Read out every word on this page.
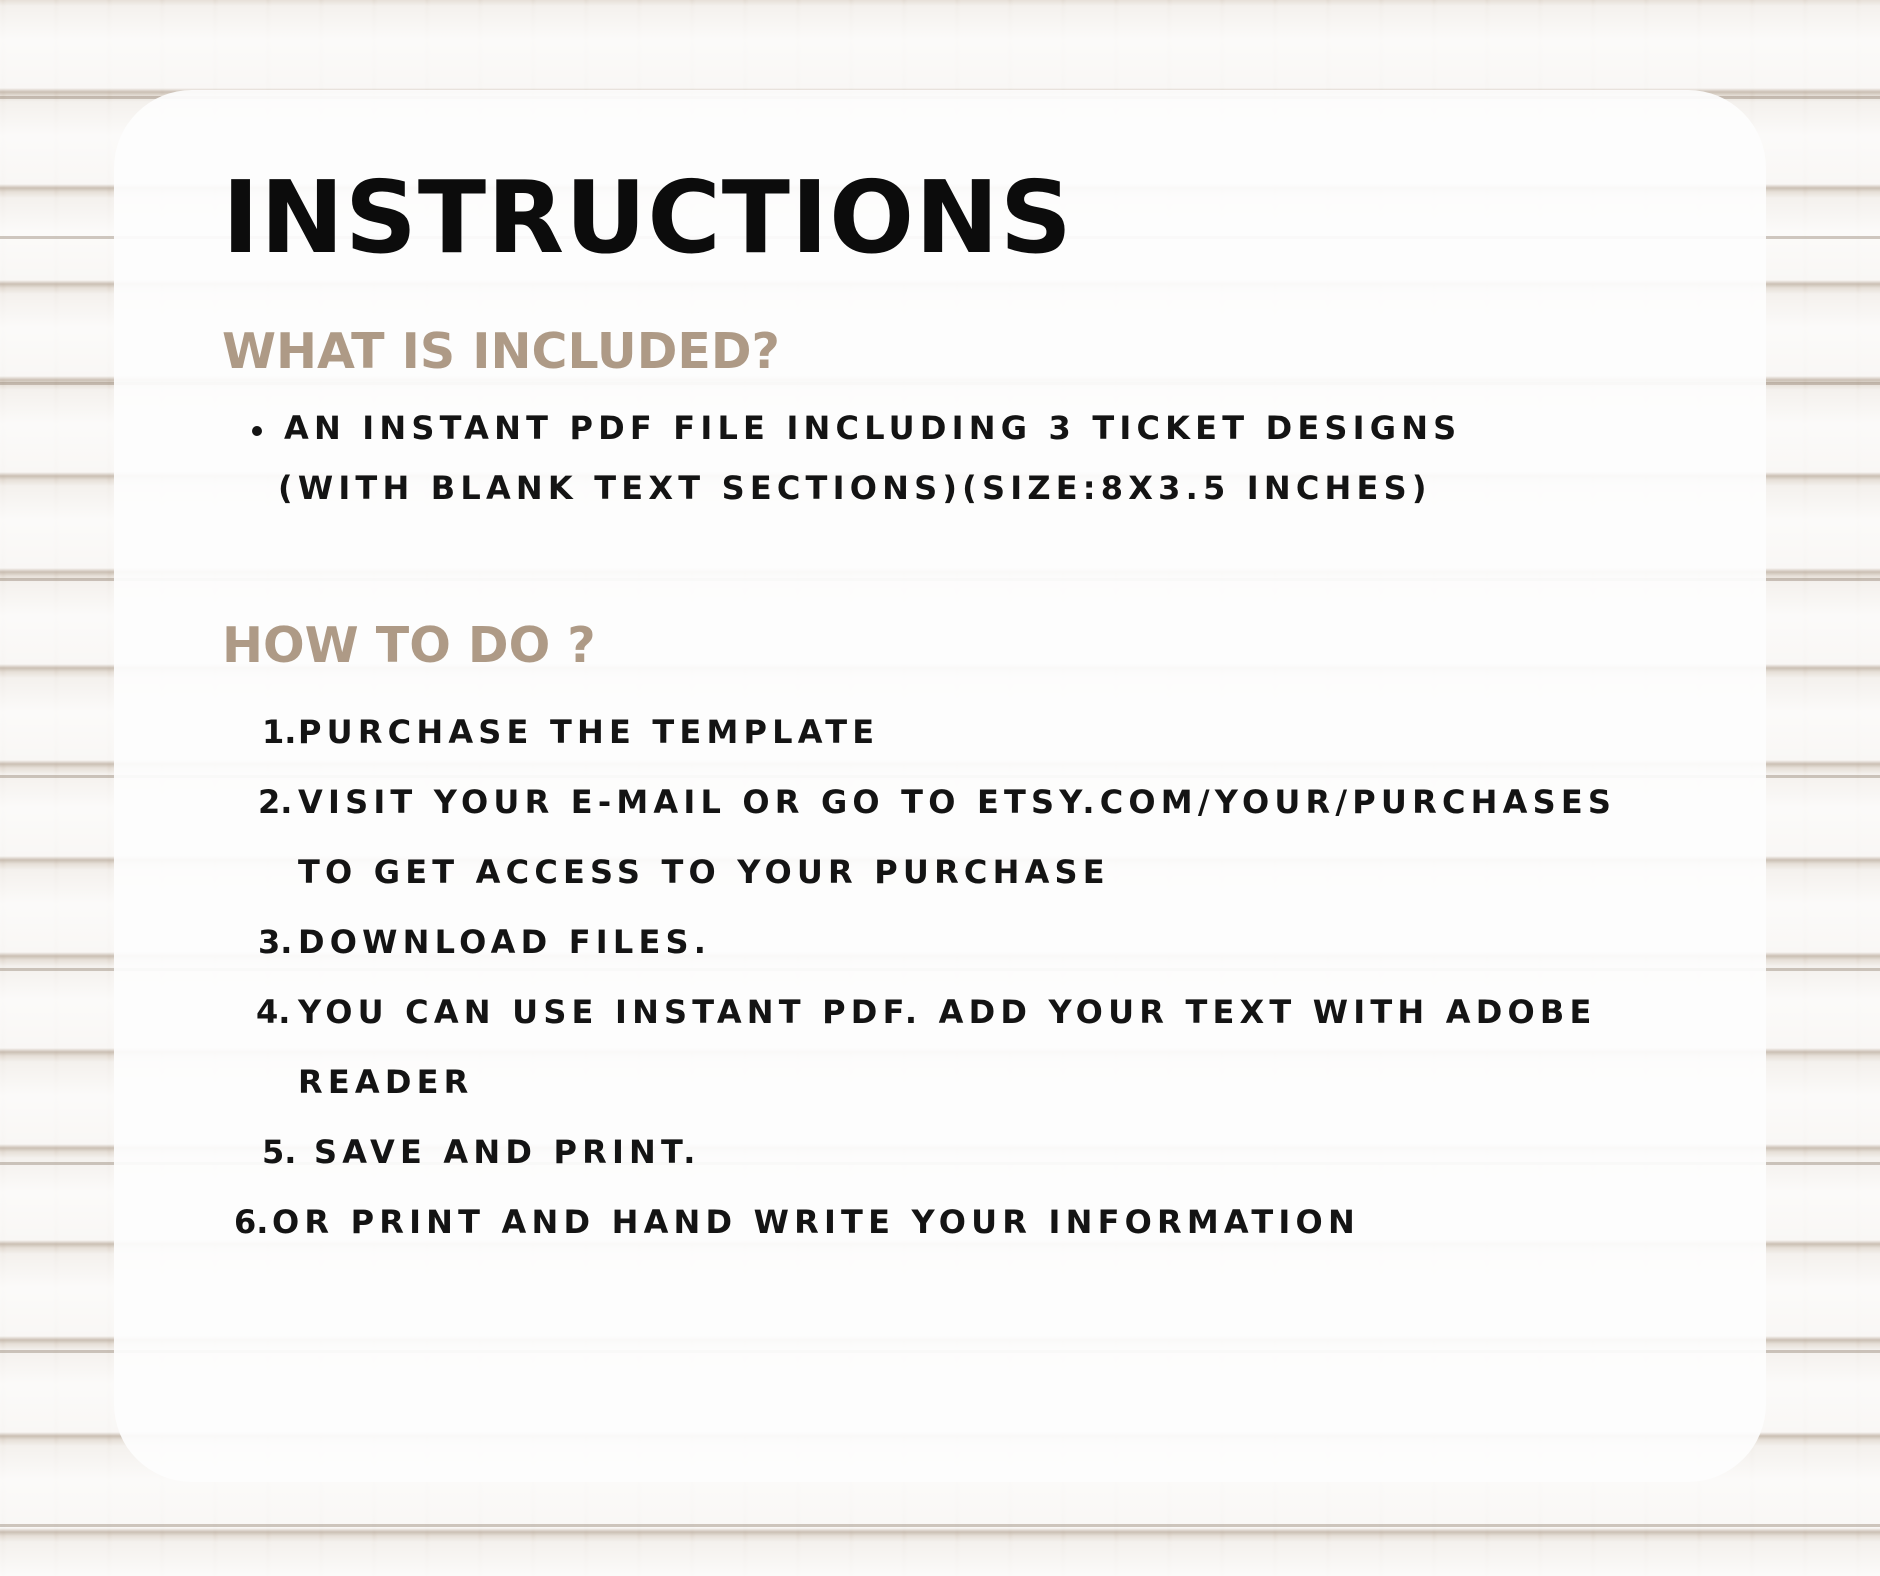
INSTRUCTIONS
WHAT IS INCLUDED?

AN INSTANT PDF FILE INCLUDING 3 TICKET DESIGNS

(WITH BLANK TEXT SECTIONS)(SIZE:8X3.5 INCHES)

HOW TO DO ?
1. PURCHASE THE TEMPLATE

2. VISIT YOUR E-MAIL OR GO TO ETSY.COM/YOUR/PURCHASES

TO GET ACCESS TO YOUR PURCHASE

3. DOWNLOAD FILES.

4. YOU CAN USE INSTANT PDF. ADD YOUR TEXT WITH ADOBE

READER

5. SAVE AND PRINT.

6. OR PRINT AND HAND WRITE YOUR INFORMATION
